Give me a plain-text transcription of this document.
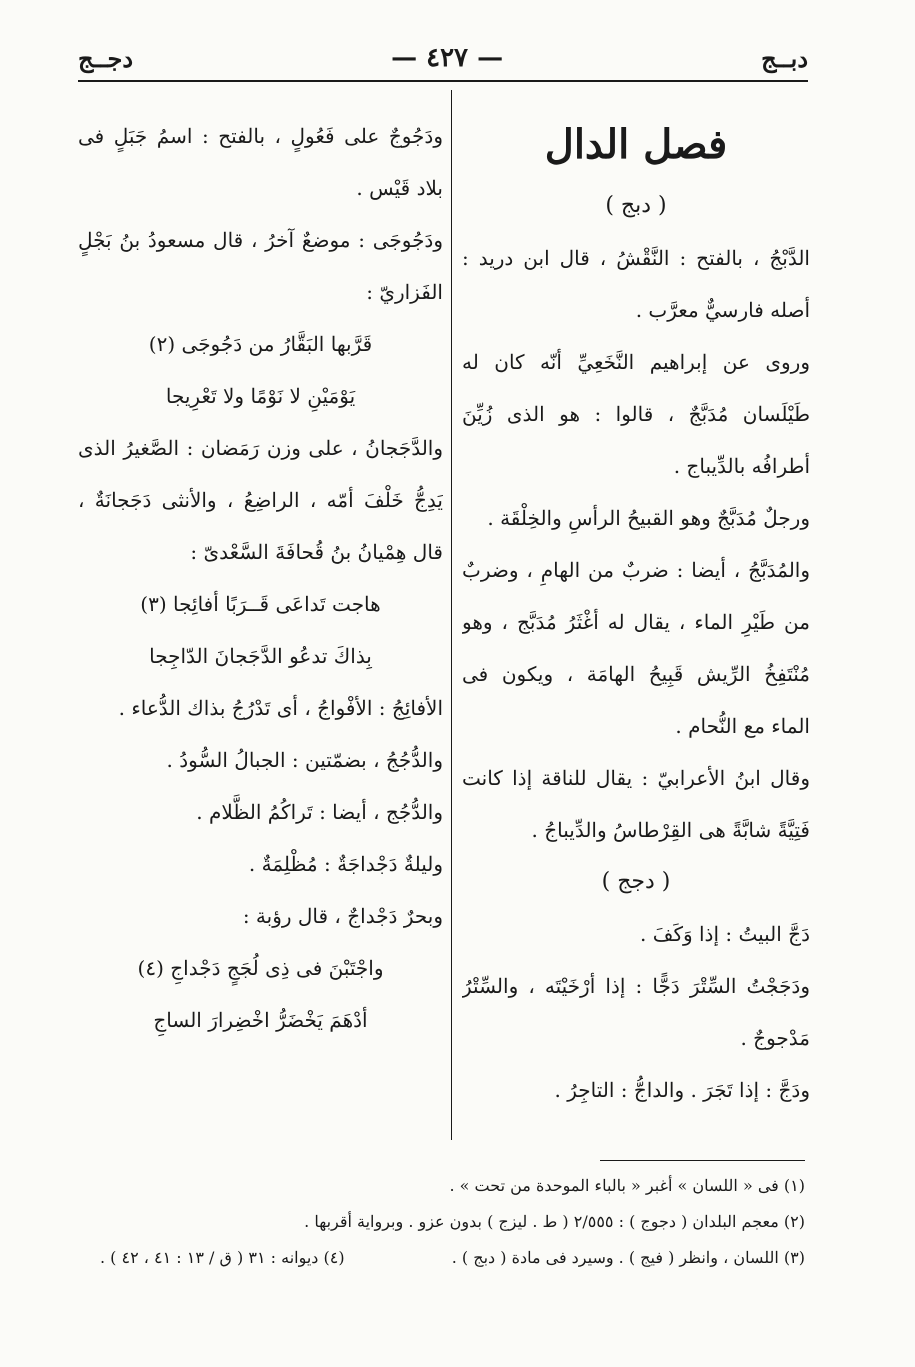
دبــج
— ٤٢٧ —
دجــج

فصل الدال

( دبج )

الدَّبْجُ ، بالفتح : النَّقْشُ ، قال ابن دريد : أصله فارسيٌّ معرَّب .

وروى عن إبراهيم النَّخَعِيِّ أنّه كان له طَيْلَسان مُدَبَّجٌ ، قالوا : هو الذى زُيِّنَ أطرافُه بالدِّيباج .

ورجلٌ مُدَبَّجٌ وهو القبيحُ الرأسِ والخِلْقَة .

والمُدَبَّجُ ، أيضا : ضربٌ من الهامِ ، وضربٌ من طَيْرِ الماء ، يقال له أغْثَرُ مُدَبَّج ، وهو مُنْتَفِخُ الرِّيش قَبِيحُ الهامَة ، ويكون فى الماء مع النُّحام .

وقال ابنُ الأعرابيّ : يقال للناقة إذا كانت فَتِيَّةً شابَّةً هى القِرْطاسُ والدِّيباجُ .

( دجج )

دَجَّ البيتُ : إذا وَكَفَ .

ودَجَجْتُ السِّتْرَ دَجًّا : إذا أرْخَيْتَه ، والسِّتْرُ مَدْجوجٌ .

ودَجَّ : إذا تَجَرَ . والداجُّ : التاجِرُ .

ودَجُوجٌ على فَعُولٍ ، بالفتح : اسمُ جَبَلٍ فى بلاد قَيْس .

ودَجُوجَى : موضعٌ آخرُ ، قال مسعودُ بنُ بَجْلٍ الفَزاريّ :

قَرَّبها البَقَّارُ من دَجُوجَى (٢)

يَوْمَيْنِ لا نَوْمًا ولا تَعْرِيجا

والدَّجَجانُ ، على وزن رَمَضان : الصَّغيرُ الذى يَدِجُّ خَلْفَ أمّه ، الراضِعُ ، والأنثى دَجَجانَةٌ ، قال هِمْيانُ بنُ قُحافَةَ السَّعْدىّ :

هاجت تَداعَى قَــرَبًا أفائِجا (٣)

بِذاكَ تدعُو الدَّجَجانَ الدّاجِجا

الأفائِجُ : الأفْواجُ ، أى تَدْرُجُ بذاك الدُّعاء .

والدُّجُجُ ، بضمّتين : الجبالُ السُّودُ .

والدُّجُج ، أيضا : تَراكُمُ الظَّلام .

وليلةٌ دَجْداجَةٌ : مُظْلِمَةٌ .

وبحرٌ دَجْداجٌ ، قال رؤبة :

واجْتَبْنَ فى ذِى لُجَجٍ دَجْداجِ (٤)

أدْهَمَ يَخْضَرُّ اخْضِرارَ الساجِ

(١) فى « اللسان » أغبر « بالباء الموحدة من تحت » .

(٢) معجم البلدان ( دجوج ) : ٢/٥٥٥ ( ط . ليزج ) بدون عزو . وبرواية أقربها .

(٣) اللسان ، وانظر ( فيج ) . وسيرد فى مادة ( دبج ) .
(٤) ديوانه : ٣١ ( ق / ١٣ : ٤١ ، ٤٢ ) .
